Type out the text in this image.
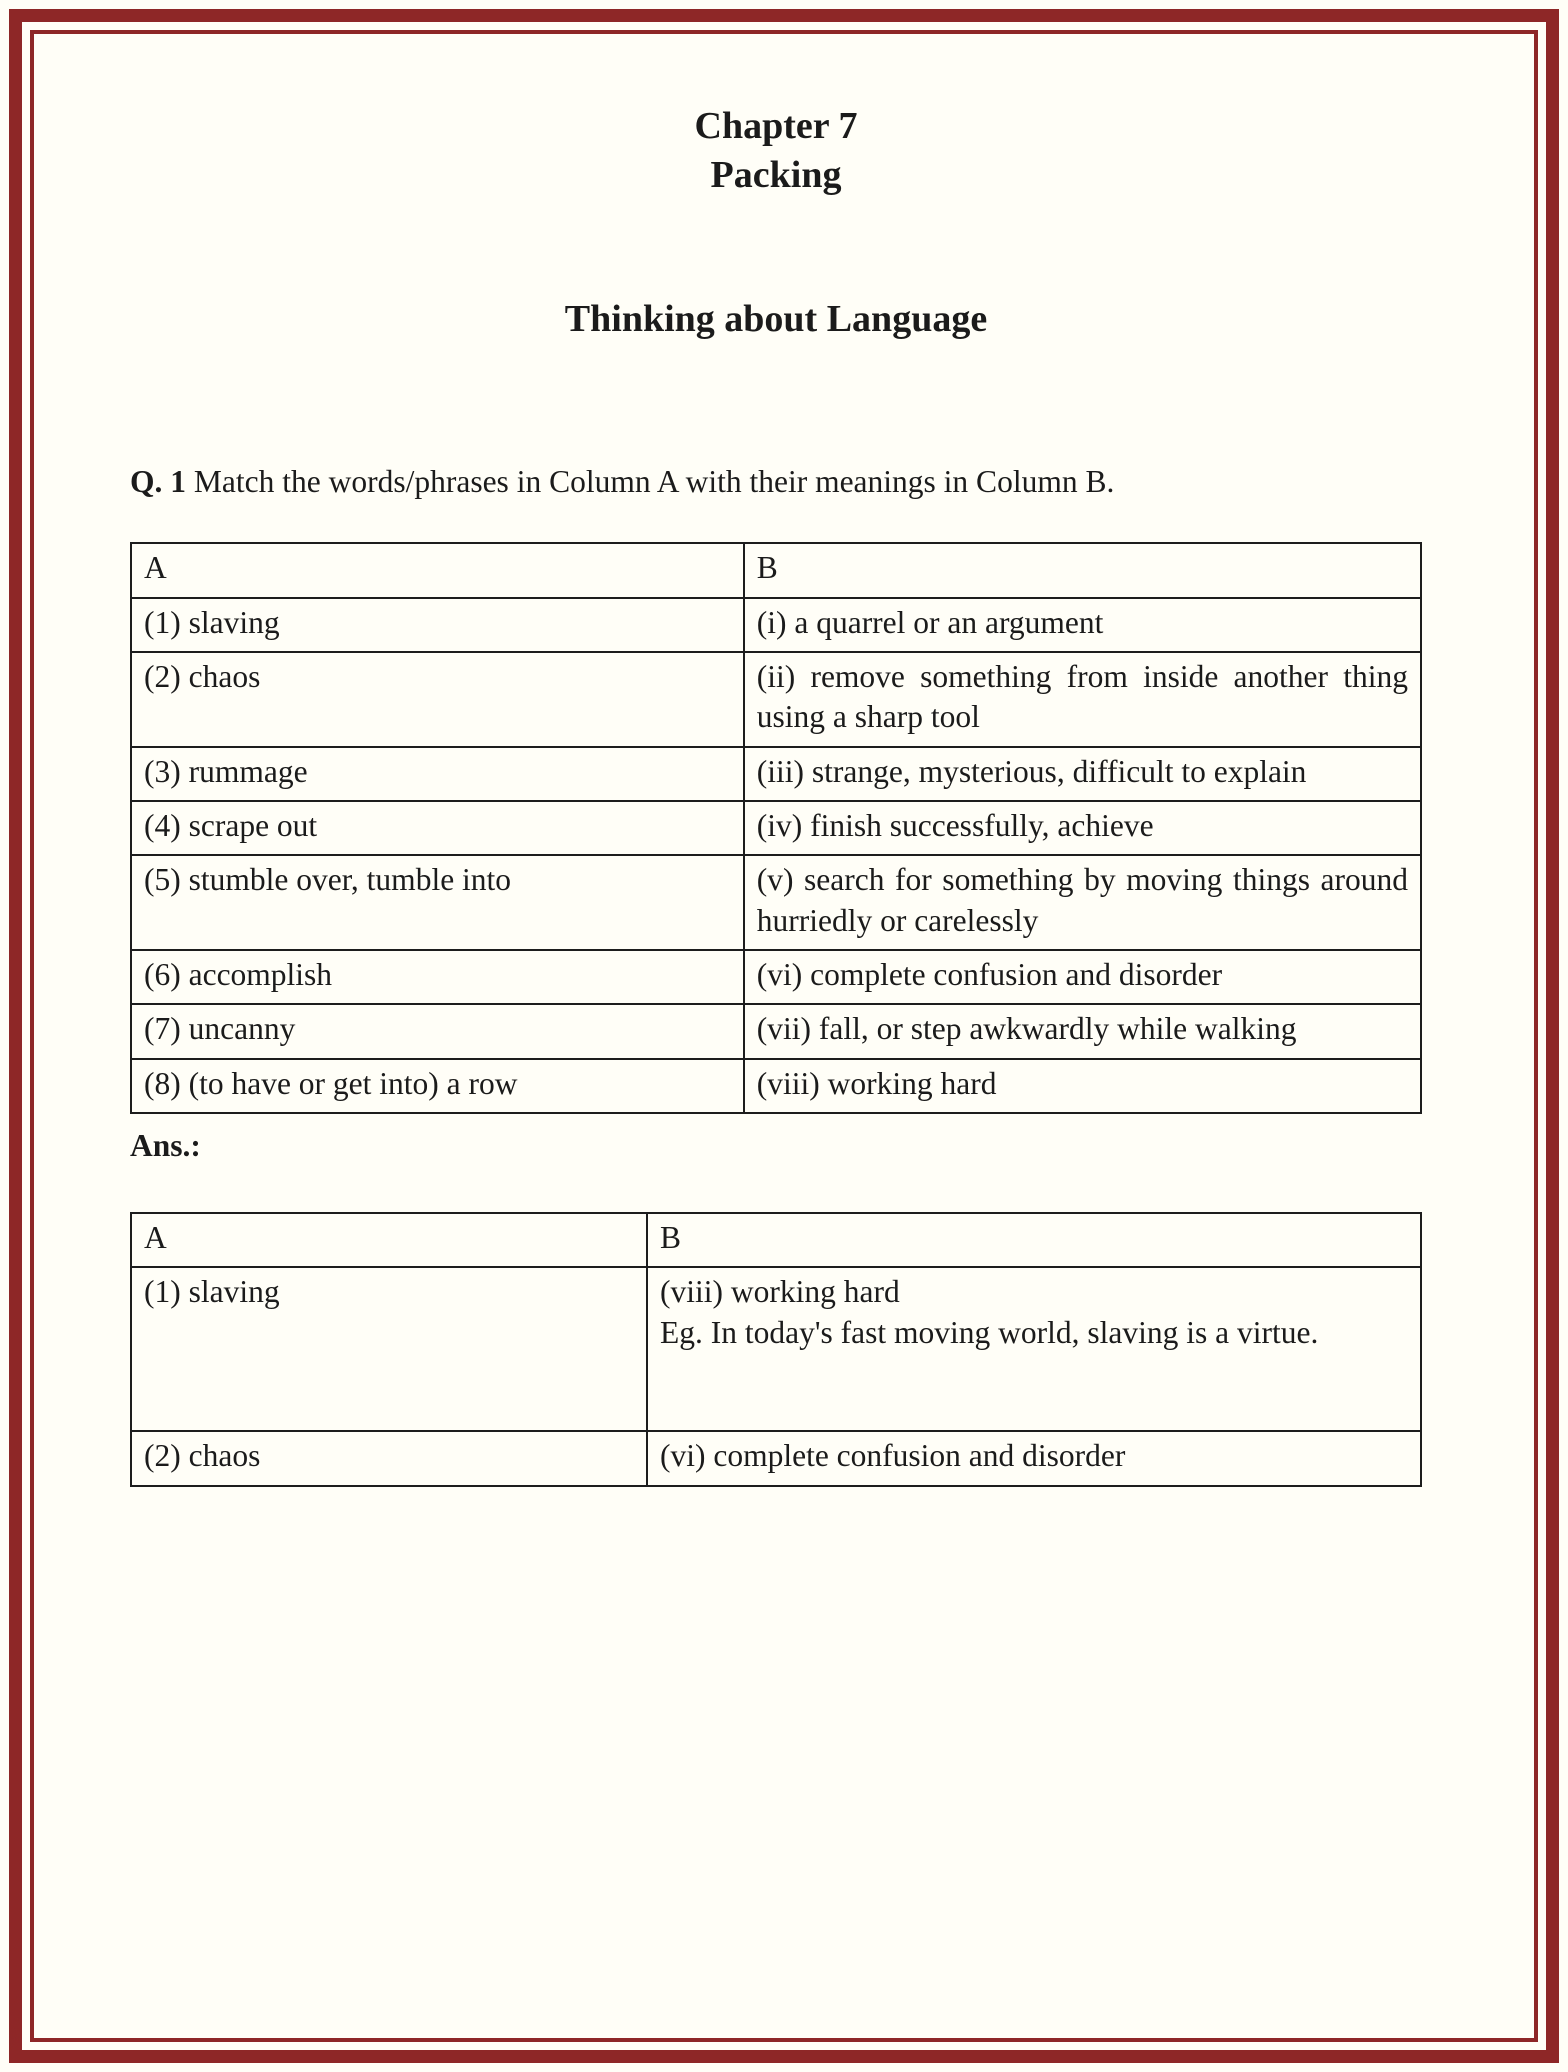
Chapter 7
Packing
Thinking about Language

Q. 1 Match the words/phrases in Column A with their meanings in Column B.

A	B
(1) slaving	(i) a quarrel or an argument
(2) chaos	(ii) remove something from inside another thing using a sharp tool
(3) rummage	(iii) strange, mysterious, difficult to explain
(4) scrape out	(iv) finish successfully, achieve
(5) stumble over, tumble into	(v) search for something by moving things around hurriedly or carelessly
(6) accomplish	(vi) complete confusion and disorder
(7) uncanny	(vii) fall, or step awkwardly while walking
(8) (to have or get into) a row	(viii) working hard

Ans.:

A	B
(1) slaving	(viii) working hard

Eg. In today's fast moving world, slaving is a virtue.

(2) chaos	(vi) complete confusion and disorder
